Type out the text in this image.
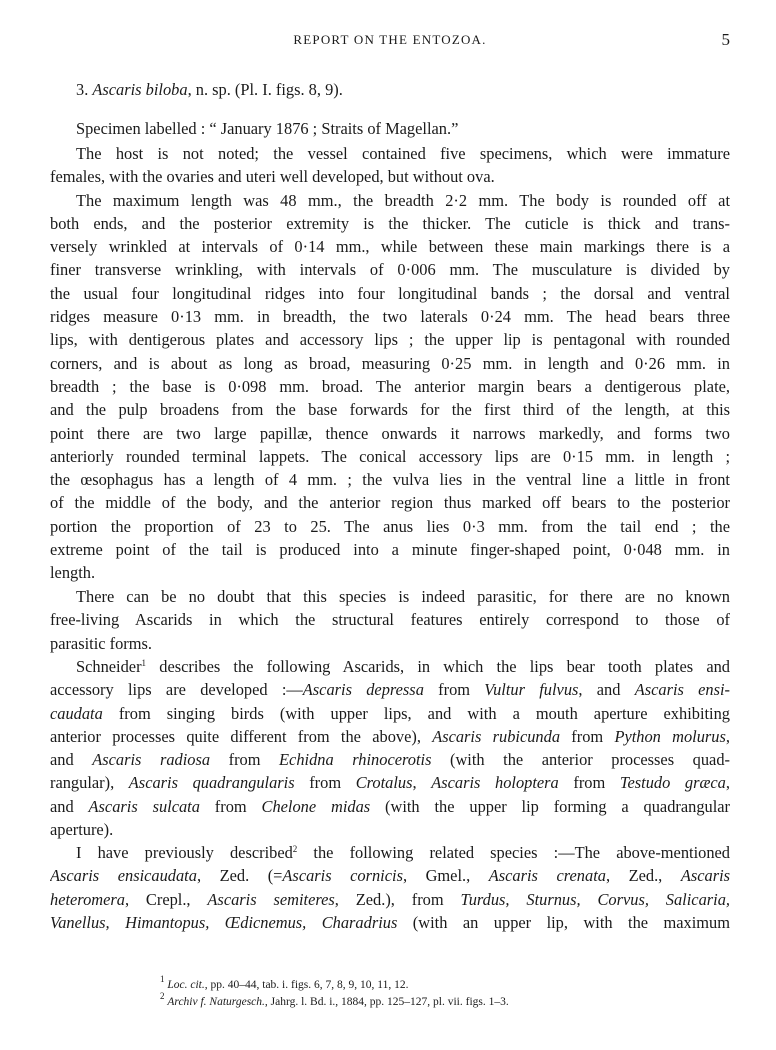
REPORT ON THE ENTOZOA.	5
3. Ascaris biloba, n. sp. (Pl. I. figs. 8, 9).
Specimen labelled : “ January 1876 ; Straits of Magellan.”
The host is not noted; the vessel contained five specimens, which were immature
females, with the ovaries and uteri well developed, but without ova.
The maximum length was 48 mm., the breadth 2·2 mm. The body is rounded off at
both ends, and the posterior extremity is the thicker. The cuticle is thick and trans-
versely wrinkled at intervals of 0·14 mm., while between these main markings there is a
finer transverse wrinkling, with intervals of 0·006 mm. The musculature is divided by
the usual four longitudinal ridges into four longitudinal bands ; the dorsal and ventral
ridges measure 0·13 mm. in breadth, the two laterals 0·24 mm. The head bears three
lips, with dentigerous plates and accessory lips ; the upper lip is pentagonal with rounded
corners, and is about as long as broad, measuring 0·25 mm. in length and 0·26 mm. in
breadth ; the base is 0·098 mm. broad. The anterior margin bears a dentigerous plate,
and the pulp broadens from the base forwards for the first third of the length, at this
point there are two large papillæ, thence onwards it narrows markedly, and forms two
anteriorly rounded terminal lappets. The conical accessory lips are 0·15 mm. in length ;
the œsophagus has a length of 4 mm. ; the vulva lies in the ventral line a little in front
of the middle of the body, and the anterior region thus marked off bears to the posterior
portion the proportion of 23 to 25. The anus lies 0·3 mm. from the tail end ; the
extreme point of the tail is produced into a minute finger-shaped point, 0·048 mm. in
length.
There can be no doubt that this species is indeed parasitic, for there are no known
free-living Ascarids in which the structural features entirely correspond to those of
parasitic forms.
Schneider$^1$ describes the following Ascarids, in which the lips bear tooth plates and
accessory lips are developed :—Ascaris depressa from Vultur fulvus, and Ascaris ensi-
caudata from singing birds (with upper lips, and with a mouth aperture exhibiting
anterior processes quite different from the above), Ascaris rubicunda from Python molurus,
and Ascaris radiosa from Echidna rhinocerotis (with the anterior processes quad-
rangular), Ascaris quadrangularis from Crotalus, Ascaris holoptera from Testudo græca,
and Ascaris sulcata from Chelone midas (with the upper lip forming a quadrangular
aperture).
I have previously described$^2$ the following related species :—The above-mentioned
Ascaris ensicaudata, Zed. (=Ascaris cornicis, Gmel., Ascaris crenata, Zed., Ascaris
heteromera, Crepl., Ascaris semiteres, Zed.), from Turdus, Sturnus, Corvus, Salicaria,
Vanellus, Himantopus, Œdicnemus, Charadrius (with an upper lip, with the maximum
$^1$ Loc. cit., pp. 40–44, tab. i. figs. 6, 7, 8, 9, 10, 11, 12.
$^2$ Archiv f. Naturgesch., Jahrg. l. Bd. i., 1884, pp. 125–127, pl. vii. figs. 1–3.
